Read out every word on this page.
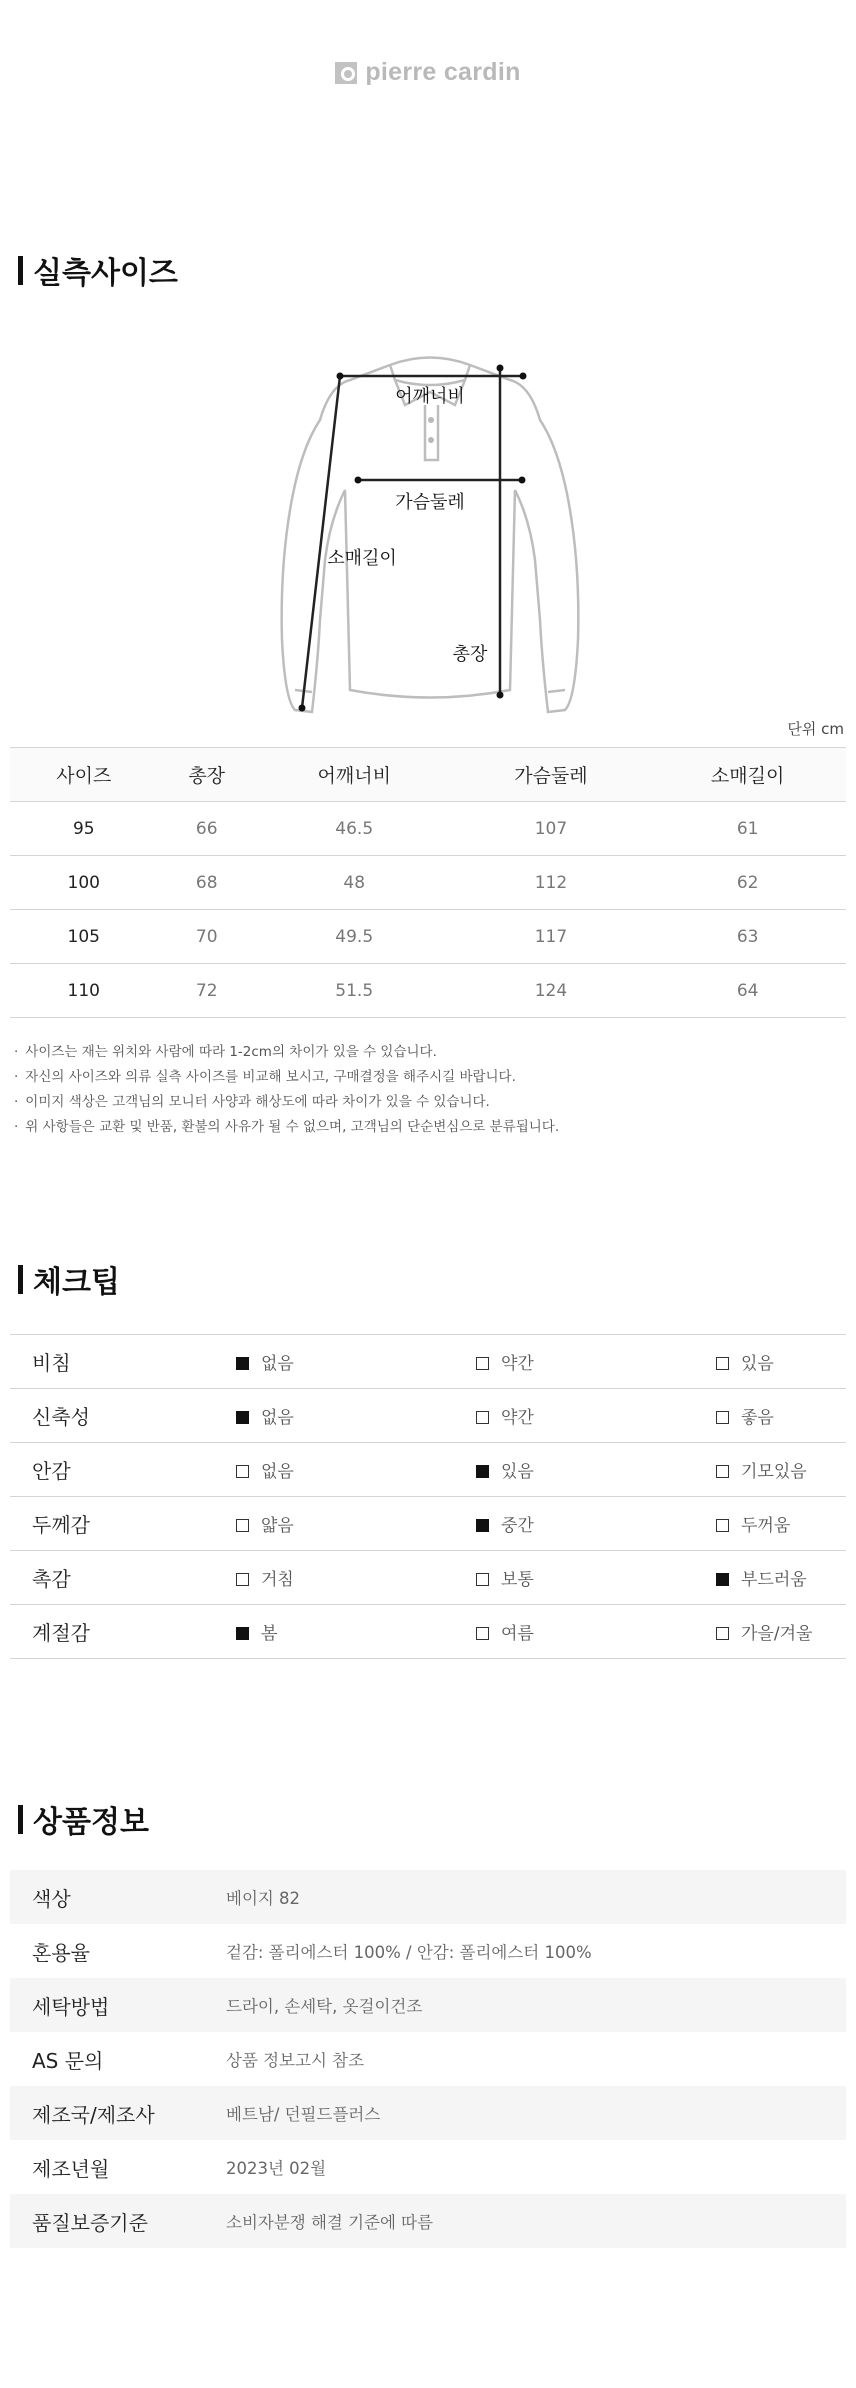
pierre cardin
실측사이즈
어깨너비
가슴둘레
소매길이
총장
단위 cm
사이즈	총장	어깨너비	가슴둘레	소매길이
95	66	46.5	107	61
100	68	48	112	62
105	70	49.5	117	63
110	72	51.5	124	64
· 사이즈는 재는 위치와 사람에 따라 1-2cm의 차이가 있을 수 있습니다.
· 자신의 사이즈와 의류 실측 사이즈를 비교해 보시고, 구매결정을 해주시길 바랍니다.
· 이미지 색상은 고객님의 모니터 사양과 해상도에 따라 차이가 있을 수 있습니다.
· 위 사항들은 교환 및 반품, 환불의 사유가 될 수 없으며, 고객님의 단순변심으로 분류됩니다.
체크팁
비침	없음	약간	있음
신축성	없음	약간	좋음
안감	없음	있음	기모있음
두께감	얇음	중간	두꺼움
촉감	거침	보통	부드러움
계절감	봄	여름	가을/겨울
상품정보
색상	베이지 82
혼용율	겉감: 폴리에스터 100% / 안감: 폴리에스터 100%
세탁방법	드라이, 손세탁, 옷걸이건조
AS 문의	상품 정보고시 참조
제조국/제조사	베트남/ 던필드플러스
제조년월	2023년 02월
품질보증기준	소비자분쟁 해결 기준에 따름
